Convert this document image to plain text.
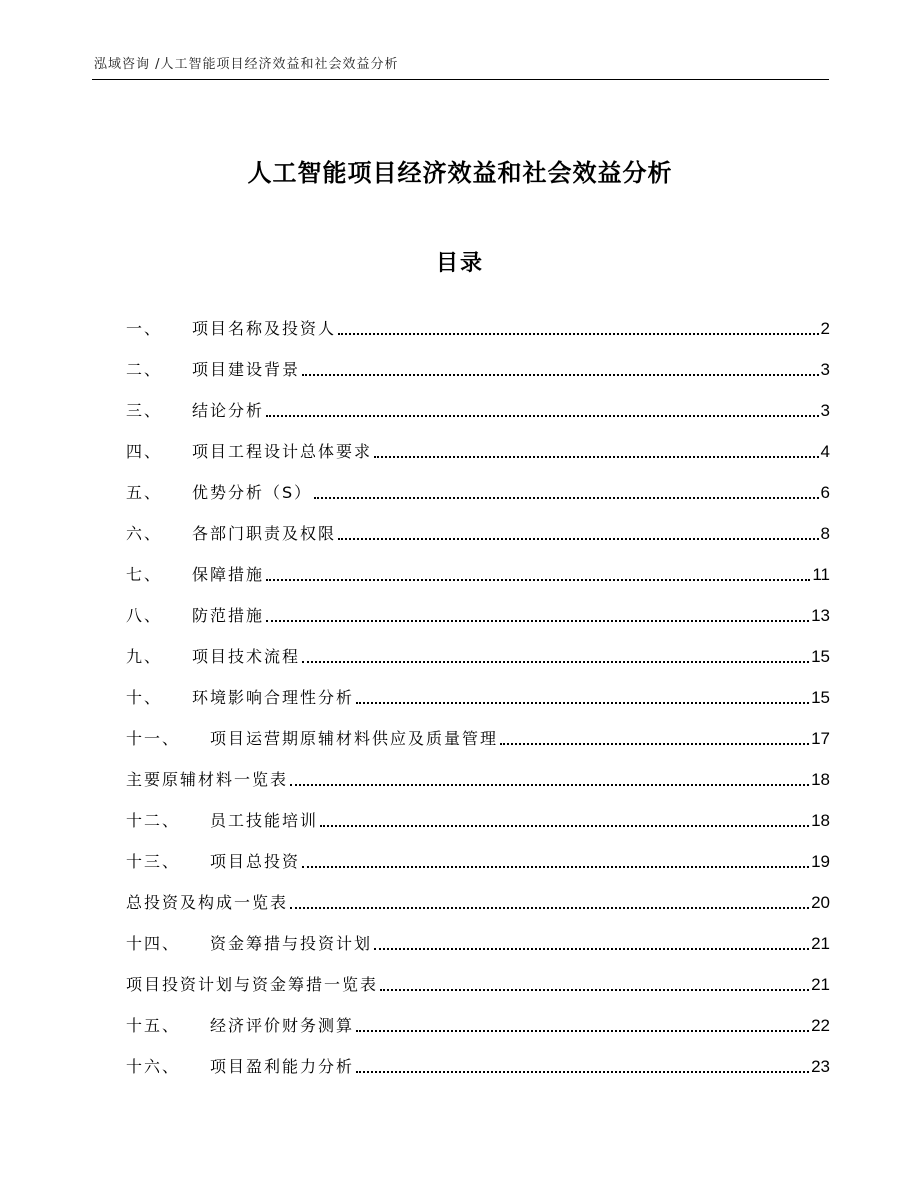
泓域咨询 /人工智能项目经济效益和社会效益分析
人工智能项目经济效益和社会效益分析
目录
一、 项目名称及投资人	2
二、 项目建设背景	3
三、 结论分析	3
四、 项目工程设计总体要求	4
五、 优势分析（S）	6
六、 各部门职责及权限	8
七、 保障措施	11
八、 防范措施	13
九、 项目技术流程	15
十、 环境影响合理性分析	15
十一、 项目运营期原辅材料供应及质量管理	17
主要原辅材料一览表	18
十二、 员工技能培训	18
十三、 项目总投资	19
总投资及构成一览表	20
十四、 资金筹措与投资计划	21
项目投资计划与资金筹措一览表	21
十五、 经济评价财务测算	22
十六、 项目盈利能力分析	23
